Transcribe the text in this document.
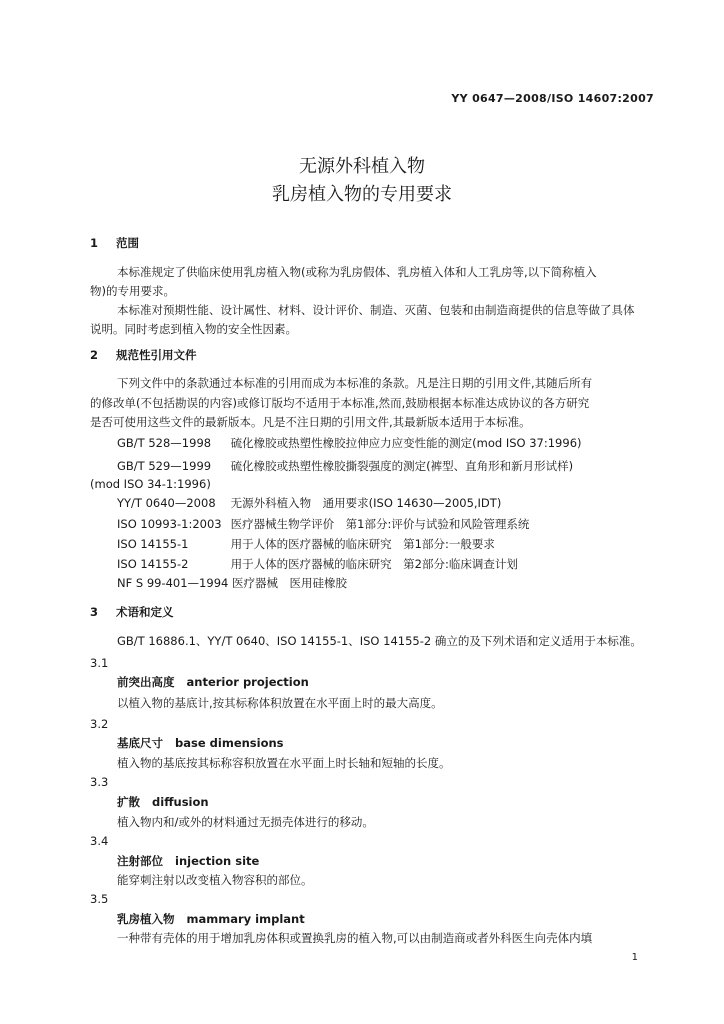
YY 0647—2008/ISO 14607:2007
无源外科植入物
乳房植入物的专用要求
1 范围
本标准规定了供临床使用乳房植入物(或称为乳房假体、乳房植入体和人工乳房等,以下简称植入
物)的专用要求。
本标准对预期性能、设计属性、材料、设计评价、制造、灭菌、包装和由制造商提供的信息等做了具体
说明。同时考虑到植入物的安全性因素。
2 规范性引用文件
下列文件中的条款通过本标准的引用而成为本标准的条款。凡是注日期的引用文件,其随后所有
的修改单(不包括勘误的内容)或修订版均不适用于本标准,然而,鼓励根据本标准达成协议的各方研究
是否可使用这些文件的最新版本。凡是不注日期的引用文件,其最新版本适用于本标准。
GB/T 528—1998 硫化橡胶或热塑性橡胶拉伸应力应变性能的测定(mod ISO 37:1996)
GB/T 529—1999 硫化橡胶或热塑性橡胶撕裂强度的测定(裤型、直角形和新月形试样)
(mod ISO 34-1:1996)
YY/T 0640—2008 无源外科植入物　通用要求(ISO 14630—2005,IDT)
ISO 10993-1:2003 医疗器械生物学评价　第1部分:评价与试验和风险管理系统
ISO 14155-1	用于人体的医疗器械的临床研究　第1部分:一般要求
ISO 14155-2	用于人体的医疗器械的临床研究　第2部分:临床调查计划
NF S 99-401—1994 医疗器械　医用硅橡胶
3 术语和定义
GB/T 16886.1、YY/T 0640、ISO 14155-1、ISO 14155-2 确立的及下列术语和定义适用于本标准。
3.1
前突出高度 anterior projection
以植入物的基底计,按其标称体积放置在水平面上时的最大高度。
3.2
基底尺寸 base dimensions
植入物的基底按其标称容积放置在水平面上时长轴和短轴的长度。
3.3
扩散 diffusion
植入物内和/或外的材料通过无损壳体进行的移动。
3.4
注射部位 injection site
能穿刺注射以改变植入物容积的部位。
3.5
乳房植入物 mammary implant
一种带有壳体的用于增加乳房体积或置换乳房的植入物,可以由制造商或者外科医生向壳体内填
1
